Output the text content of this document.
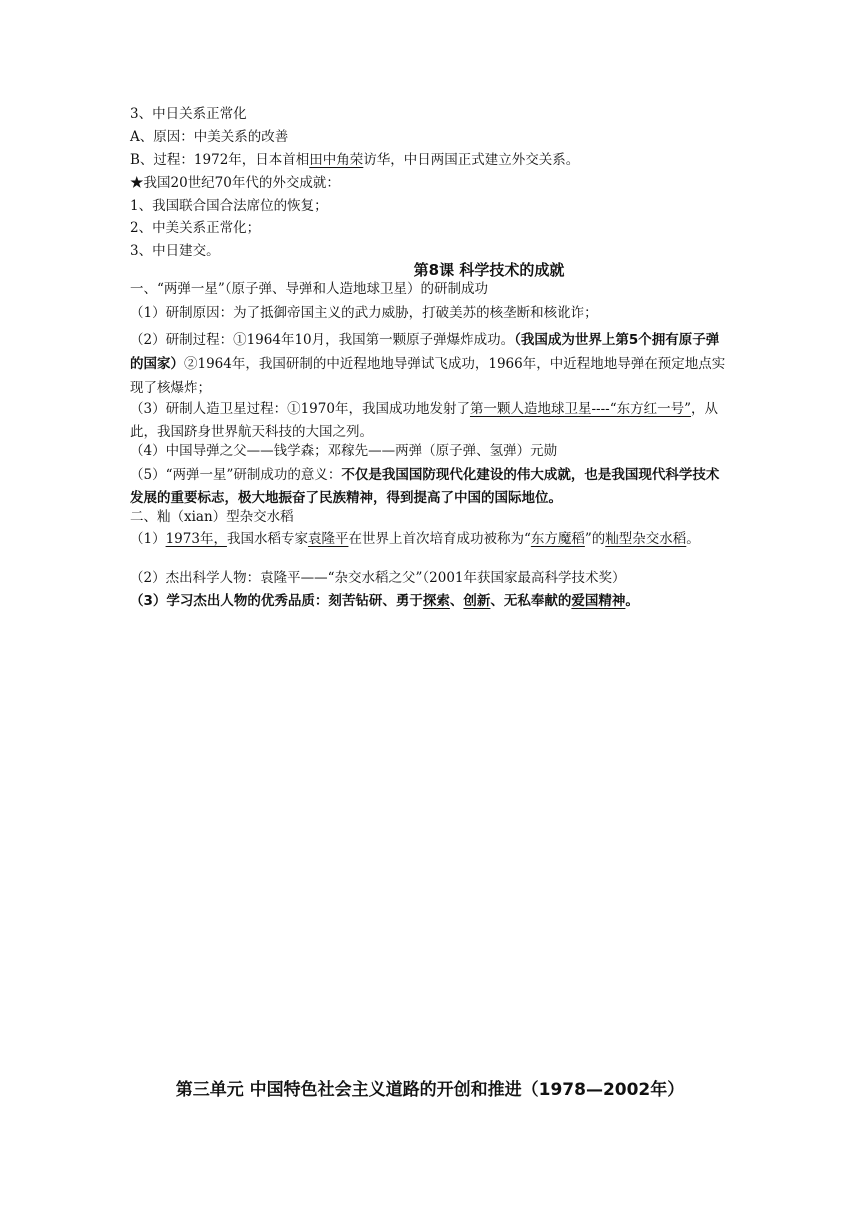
3、中日关系正常化
A、原因：中美关系的改善
B、过程：1972年，日本首相田中角荣访华，中日两国正式建立外交关系。
★我国20世纪70年代的外交成就：
1、我国联合国合法席位的恢复；
2、中美关系正常化；
3、中日建交。
第8课 科学技术的成就
一、“两弹一星”（原子弹、导弹和人造地球卫星）的研制成功
（1）研制原因：为了抵御帝国主义的武力威胁，打破美苏的核垄断和核讹诈；
（2）研制过程：①1964年10月，我国第一颗原子弹爆炸成功。（我国成为世界上第5个拥有原子弹的国家）②1964年，我国研制的中近程地地导弹试飞成功，1966年，中近程地地导弹在预定地点实现了核爆炸；
（3）研制人造卫星过程：①1970年，我国成功地发射了第一颗人造地球卫星----“东方红一号”，从此，我国跻身世界航天科技的大国之列。
（4）中国导弹之父——钱学森；邓稼先——两弹（原子弹、氢弹）元勋
（5）“两弹一星”研制成功的意义：不仅是我国国防现代化建设的伟大成就，也是我国现代科学技术发展的重要标志，极大地振奋了民族精神，得到提高了中国的国际地位。
二、籼（xian）型杂交水稻
（1）1973年，我国水稻专家袁隆平在世界上首次培育成功被称为“东方魔稻”的籼型杂交水稻。
（2）杰出科学人物：袁隆平——“杂交水稻之父”（2001年获国家最高科学技术奖）
（3）学习杰出人物的优秀品质：刻苦钻研、勇于探索、创新、无私奉献的爱国精神。
第三单元 中国特色社会主义道路的开创和推进（1978—2002年）
